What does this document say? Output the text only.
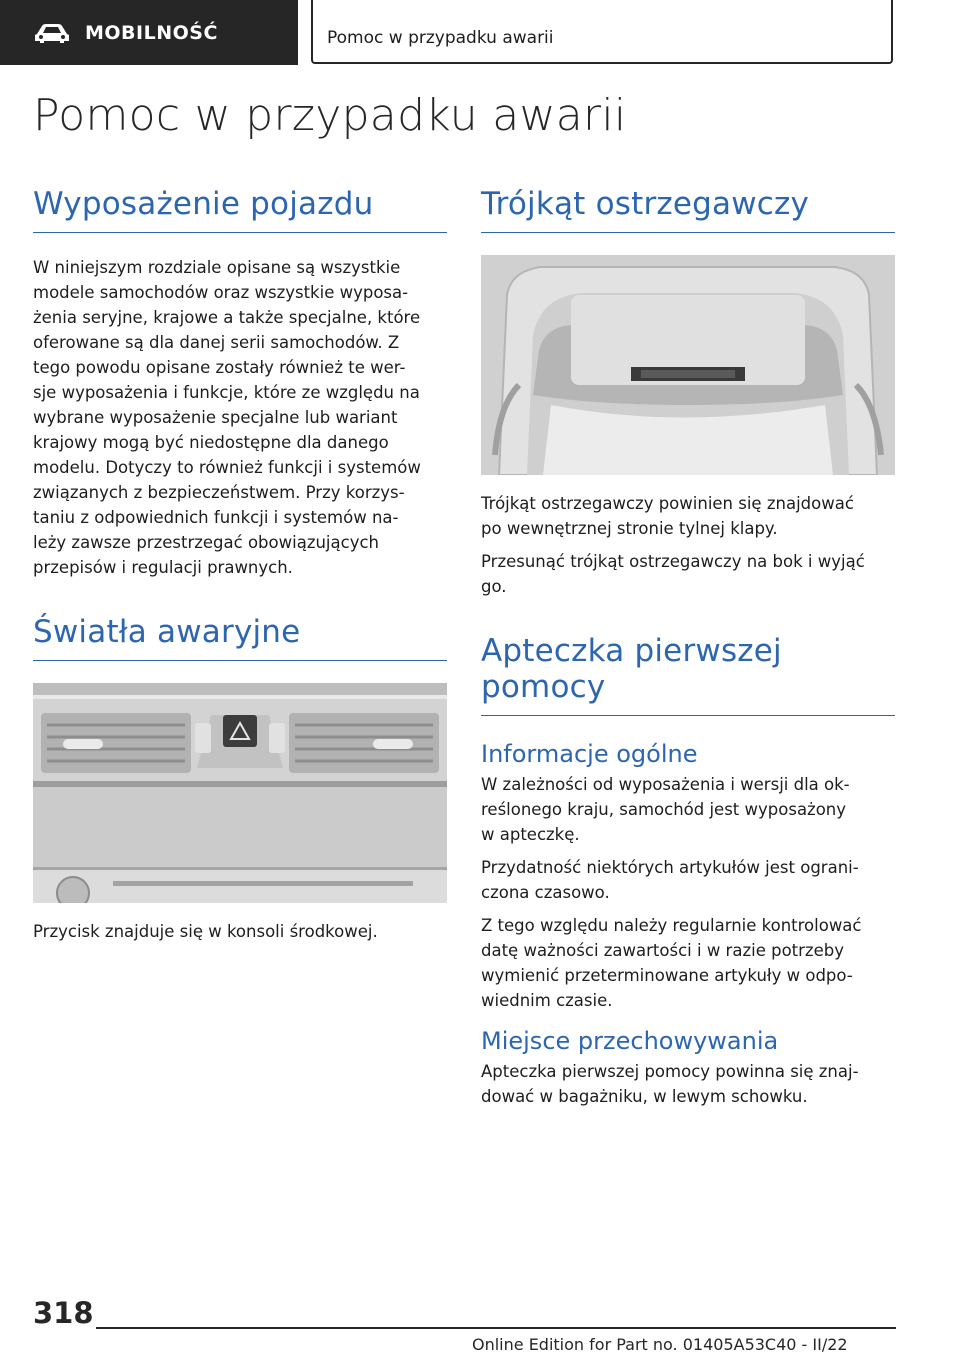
MOBILNOŚĆ	Pomoc w przypadku awarii
Pomoc w przypadku awarii
Wyposażenie pojazdu

W niniejszym rozdziale opisane są wszystkie
modele samochodów oraz wszystkie wyposa-
żenia seryjne, krajowe a także specjalne, które
oferowane są dla danej serii samochodów. Z
tego powodu opisane zostały również te wer-
sje wyposażenia i funkcje, które ze względu na
wybrane wyposażenie specjalne lub wariant
krajowy mogą być niedostępne dla danego
modelu. Dotyczy to również funkcji i systemów
związanych z bezpieczeństwem. Przy korzys-
taniu z odpowiednich funkcji i systemów na-
leży zawsze przestrzegać obowiązujących
przepisów i regulacji prawnych.

Światła awaryjne

Przycisk znajduje się w konsoli środkowej.

Trójkąt ostrzegawczy

Trójkąt ostrzegawczy powinien się znajdować
po wewnętrznej stronie tylnej klapy.

Przesunąć trójkąt ostrzegawczy na bok i wyjąć
go.

Apteczka pierwszej pomocy
Informacje ogólne

W zależności od wyposażenia i wersji dla ok-
reślonego kraju, samochód jest wyposażony
w apteczkę.

Przydatność niektórych artykułów jest ograni-
czona czasowo.

Z tego względu należy regularnie kontrolować
datę ważności zawartości i w razie potrzeby
wymienić przeterminowane artykuły w odpo-
wiednim czasie.

Miejsce przechowywania

Apteczka pierwszej pomocy powinna się znaj-
dować w bagażniku, w lewym schowku.

318
Online Edition for Part no. 01405A53C40 - II/22
